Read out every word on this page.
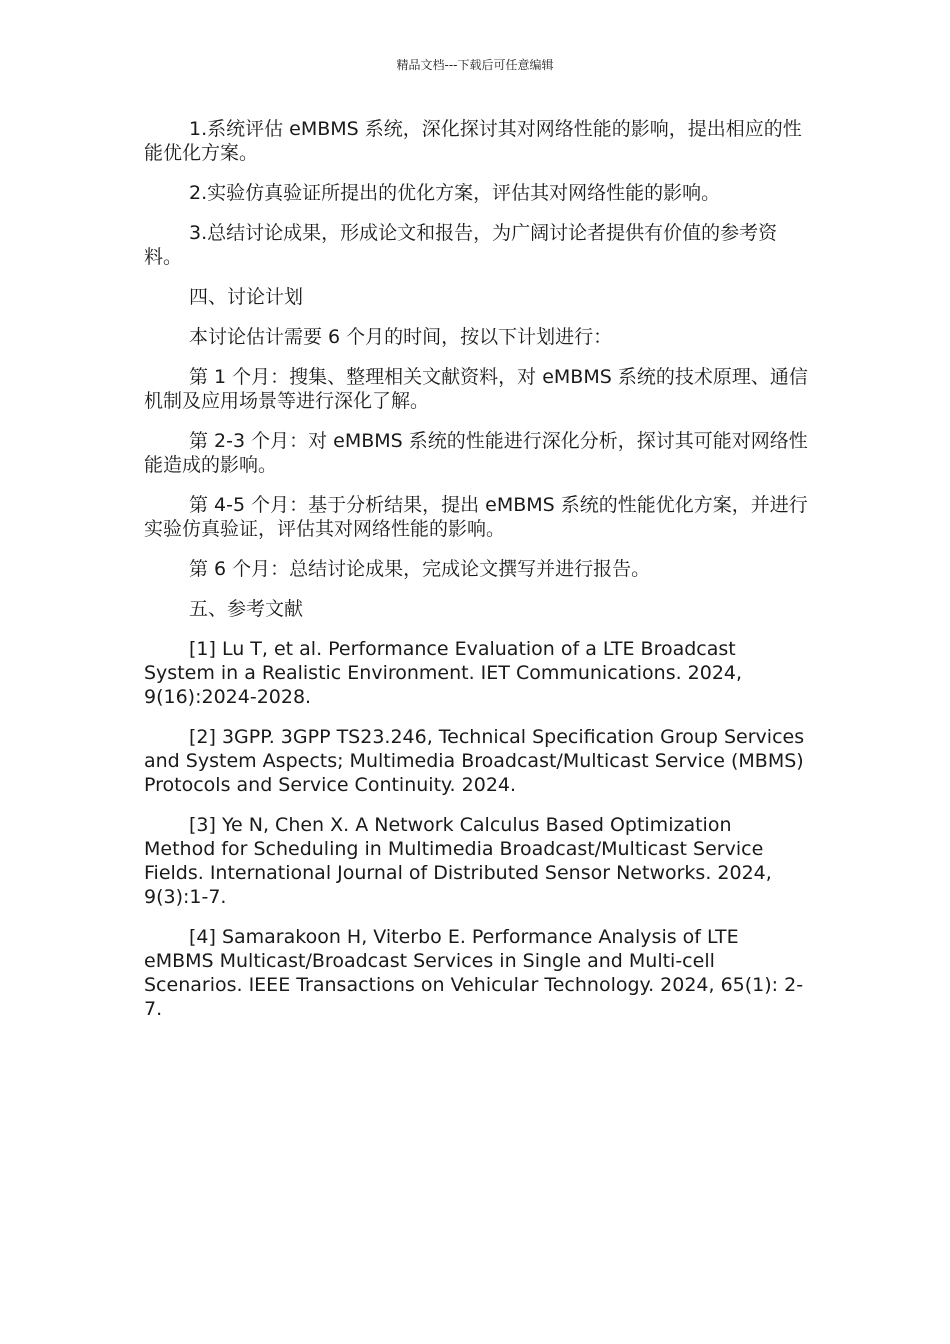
精品文档---下载后可任意编辑

1.系统评估 eMBMS 系统，深化探讨其对网络性能的影响，提出相应的性能优化方案。

2.实验仿真验证所提出的优化方案，评估其对网络性能的影响。

3.总结讨论成果，形成论文和报告，为广阔讨论者提供有价值的参考资料。

四、讨论计划

本讨论估计需要 6 个月的时间，按以下计划进行：

第 1 个月：搜集、整理相关文献资料，对 eMBMS 系统的技术原理、通信机制及应用场景等进行深化了解。

第 2-3 个月：对 eMBMS 系统的性能进行深化分析，探讨其可能对网络性能造成的影响。

第 4-5 个月：基于分析结果，提出 eMBMS 系统的性能优化方案，并进行实验仿真验证，评估其对网络性能的影响。

第 6 个月：总结讨论成果，完成论文撰写并进行报告。

五、参考文献

[1] Lu T, et al. Performance Evaluation of a LTE Broadcast System in a Realistic Environment. IET Communications. 2024, 9(16):2024-2028.

[2] 3GPP. 3GPP TS23.246, Technical Specification Group Services and System Aspects; Multimedia Broadcast/Multicast Service (MBMS) Protocols and Service Continuity. 2024.

[3] Ye N, Chen X. A Network Calculus Based Optimization Method for Scheduling in Multimedia Broadcast/Multicast Service Fields. International Journal of Distributed Sensor Networks. 2024, 9(3):1-7.

[4] Samarakoon H, Viterbo E. Performance Analysis of LTE eMBMS Multicast/Broadcast Services in Single and Multi-cell Scenarios. IEEE Transactions on Vehicular Technology. 2024, 65(1): 2-7.
